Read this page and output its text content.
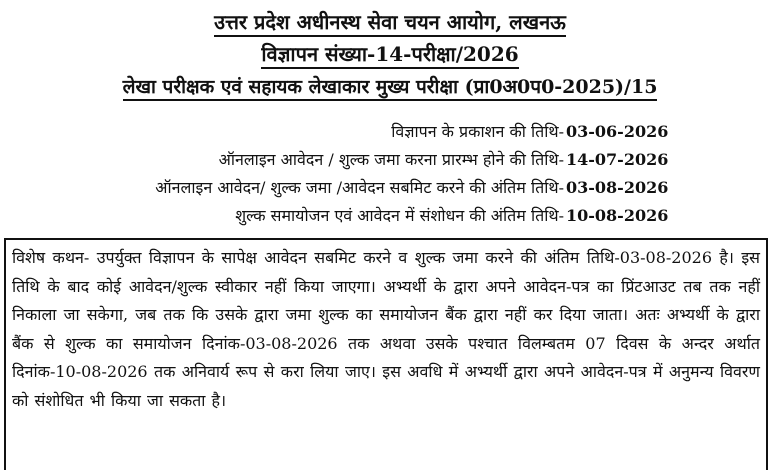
उत्तर प्रदेश अधीनस्थ सेवा चयन आयोग, लखनऊ
विज्ञापन संख्या-14-परीक्षा/2026
लेखा परीक्षक एवं सहायक लेखाकार मुख्य परीक्षा (प्रा0अ0प0-2025)/15
विज्ञापन के प्रकाशन की तिथि- 03-06-2026
ऑनलाइन आवेदन / शुल्क जमा करना प्रारम्भ होने की तिथि- 14-07-2026
ऑनलाइन आवेदन/ शुल्क जमा /आवेदन सबमिट करने की अंतिम तिथि- 03-08-2026
शुल्क समायोजन एवं आवेदन में संशोधन की अंतिम तिथि- 10-08-2026

विशेष कथन- उपर्युक्त विज्ञापन के सापेक्ष आवेदन सबमिट करने व शुल्क जमा करने की अंतिम तिथि-03-08-2026 है। इस तिथि के बाद कोई आवेदन/शुल्क स्वीकार नहीं किया जाएगा। अभ्यर्थी के द्वारा अपने आवेदन-पत्र का प्रिंटआउट तब तक नहीं निकाला जा सकेगा, जब तक कि उसके द्वारा जमा शुल्क का समायोजन बैंक द्वारा नहीं कर दिया जाता। अतः अभ्यर्थी के द्वारा बैंक से शुल्क का समायोजन दिनांक-03-08-2026 तक अथवा उसके पश्चात विलम्बतम 07 दिवस के अन्दर अर्थात दिनांक-10-08-2026 तक अनिवार्य रूप से करा लिया जाए। इस अवधि में अभ्यर्थी द्वारा अपने आवेदन-पत्र में अनुमन्य विवरण को संशोधित भी किया जा सकता है।
